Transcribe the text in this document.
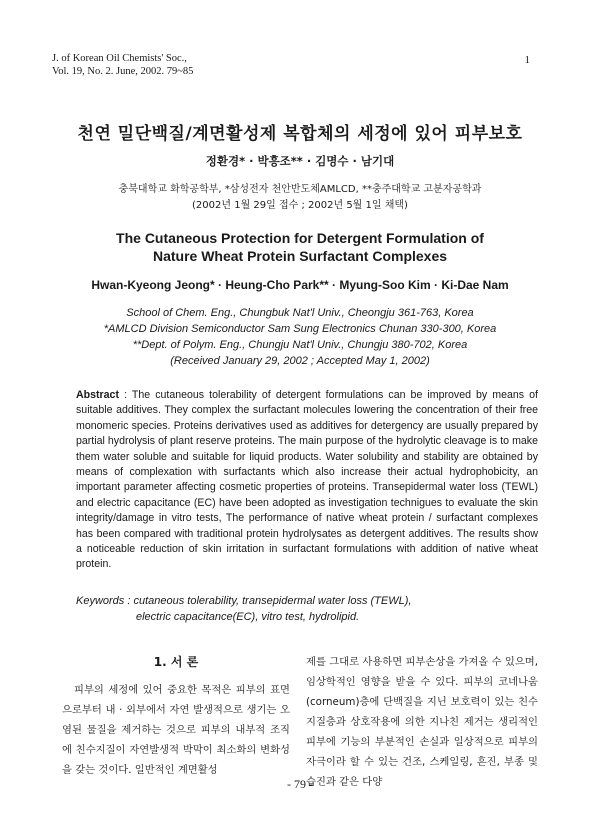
J. of Korean Oil Chemists' Soc.,
Vol. 19, No. 2. June, 2002. 79~85
1
천연 밀단백질/계면활성제 복합체의 세정에 있어 피부보호
정환경* · 박흥조** · 김명수 · 남기대
충북대학교 화학공학부, *삼성전자 천안반도체AMLCD, **충주대학교 고분자공학과
(2002년 1월 29일 접수 ; 2002년 5월 1일 채택)
The Cutaneous Protection for Detergent Formulation of
Nature Wheat Protein Surfactant Complexes
Hwan-Kyeong Jeong* · Heung-Cho Park** · Myung-Soo Kim · Ki-Dae Nam
School of Chem. Eng., Chungbuk Nat'l Univ., Cheongju 361-763, Korea
*AMLCD Division Semiconductor Sam Sung Electronics Chunan 330-300, Korea
**Dept. of Polym. Eng., Chungju Nat'l Univ., Chungju 380-702, Korea
(Received January 29, 2002 ; Accepted May 1, 2002)
Abstract : The cutaneous tolerability of detergent formulations can be improved by means of suitable additives. They complex the surfactant molecules lowering the concentration of their free monomeric species. Proteins derivatives used as additives for detergency are usually prepared by partial hydrolysis of plant reserve proteins. The main purpose of the hydrolytic cleavage is to make them water soluble and suitable for liquid products. Water solubility and stability are obtained by means of complexation with surfactants which also increase their actual hydrophobicity, an important parameter affecting cosmetic properties of proteins. Transepidermal water loss (TEWL) and electric capacitance (EC) have been adopted as investigation technigues to evaluate the skin integrity/damage in vitro tests, The performance of native wheat protein / surfactant complexes has been compared with traditional protein hydrolysates as detergent additives. The results show a noticeable reduction of skin irritation in surfactant formulations with addition of native wheat protein.
Keywords : cutaneous tolerability, transepidermal water loss (TEWL),
electric capacitance(EC), vitro test, hydrolipid.
1. 서 론
피부의 세정에 있어 중요한 목적은 피부의 표면으로부터 내 · 외부에서 자연 발생적으로 생기는 오염된 물질을 제거하는 것으로 피부의 내부적 조직에 친수지질이 자연발생적 박막이 최소화의 변화성을 갖는 것이다. 일반적인 계면활성
제를 그대로 사용하면 피부손상을 가져올 수 있으며, 임상학적인 영향을 받을 수 있다. 피부의 코네나움(corneum)층에 단백질을 지닌 보호력이 있는 친수지질층과 상호작용에 의한 지나친 제거는 생리적인 피부에 기능의 부분적인 손실과 일상적으로 피부의 자극이라 할 수 있는 건조, 스케일링, 흔진, 부종 및 습진과 같은 다양
- 79 -
